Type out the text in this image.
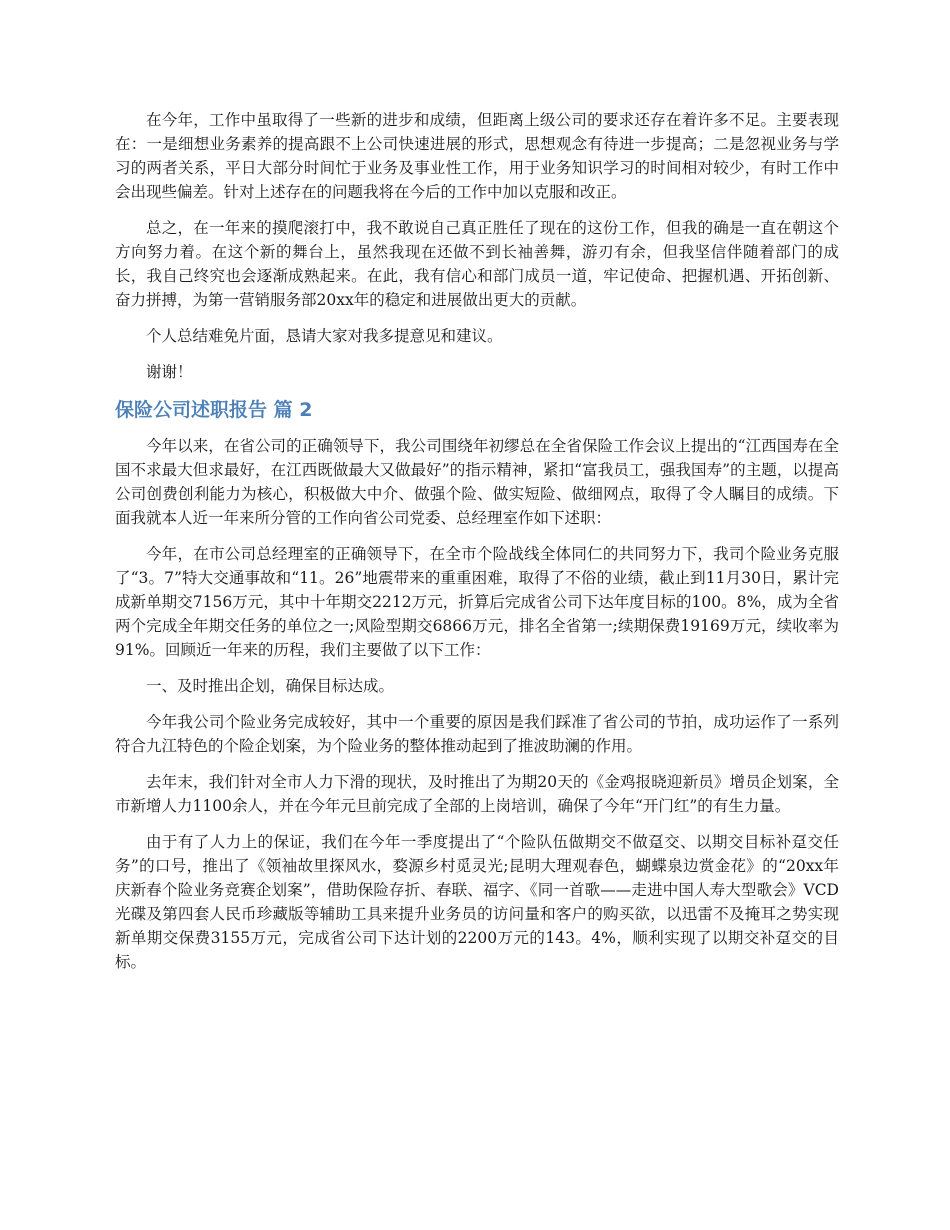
在今年，工作中虽取得了一些新的进步和成绩，但距离上级公司的要求还存在着许多不足。主要表现在：一是细想业务素养的提高跟不上公司快速进展的形式，思想观念有待进一步提高；二是忽视业务与学习的两者关系，平日大部分时间忙于业务及事业性工作，用于业务知识学习的时间相对较少，有时工作中会出现些偏差。针对上述存在的问题我将在今后的工作中加以克服和改正。

总之，在一年来的摸爬滚打中，我不敢说自己真正胜任了现在的这份工作，但我的确是一直在朝这个方向努力着。在这个新的舞台上，虽然我现在还做不到长袖善舞，游刃有余，但我坚信伴随着部门的成长，我自己终究也会逐渐成熟起来。在此，我有信心和部门成员一道，牢记使命、把握机遇、开拓创新、奋力拼搏，为第一营销服务部20xx年的稳定和进展做出更大的贡献。

个人总结难免片面，恳请大家对我多提意见和建议。

谢谢！

保险公司述职报告 篇 2

今年以来，在省公司的正确领导下，我公司围绕年初缪总在全省保险工作会议上提出的“江西国寿在全国不求最大但求最好，在江西既做最大又做最好”的指示精神，紧扣“富我员工，强我国寿”的主题，以提高公司创费创利能力为核心，积极做大中介、做强个险、做实短险、做细网点，取得了令人瞩目的成绩。下面我就本人近一年来所分管的工作向省公司党委、总经理室作如下述职：

今年，在市公司总经理室的正确领导下，在全市个险战线全体同仁的共同努力下，我司个险业务克服了“3。7”特大交通事故和“11。26”地震带来的重重困难，取得了不俗的业绩，截止到11月30日，累计完成新单期交7156万元，其中十年期交2212万元，折算后完成省公司下达年度目标的100。8%，成为全省两个完成全年期交任务的单位之一;风险型期交6866万元，排名全省第一;续期保费19169万元，续收率为91%。回顾近一年来的历程，我们主要做了以下工作：

一、及时推出企划，确保目标达成。

今年我公司个险业务完成较好，其中一个重要的原因是我们踩准了省公司的节拍，成功运作了一系列符合九江特色的个险企划案，为个险业务的整体推动起到了推波助澜的作用。

去年末，我们针对全市人力下滑的现状，及时推出了为期20天的《金鸡报晓迎新员》增员企划案，全市新增人力1100余人，并在今年元旦前完成了全部的上岗培训，确保了今年“开门红”的有生力量。

由于有了人力上的保证，我们在今年一季度提出了“个险队伍做期交不做趸交、以期交目标补趸交任务”的口号，推出了《领袖故里探风水，婺源乡村觅灵光;昆明大理观春色，蝴蝶泉边赏金花》的“20xx年庆新春个险业务竞赛企划案”，借助保险存折、春联、福字、《同一首歌——走进中国人寿大型歌会》VCD光碟及第四套人民币珍藏版等辅助工具来提升业务员的访问量和客户的购买欲，以迅雷不及掩耳之势实现新单期交保费3155万元，完成省公司下达计划的2200万元的143。4%，顺利实现了以期交补趸交的目标。
